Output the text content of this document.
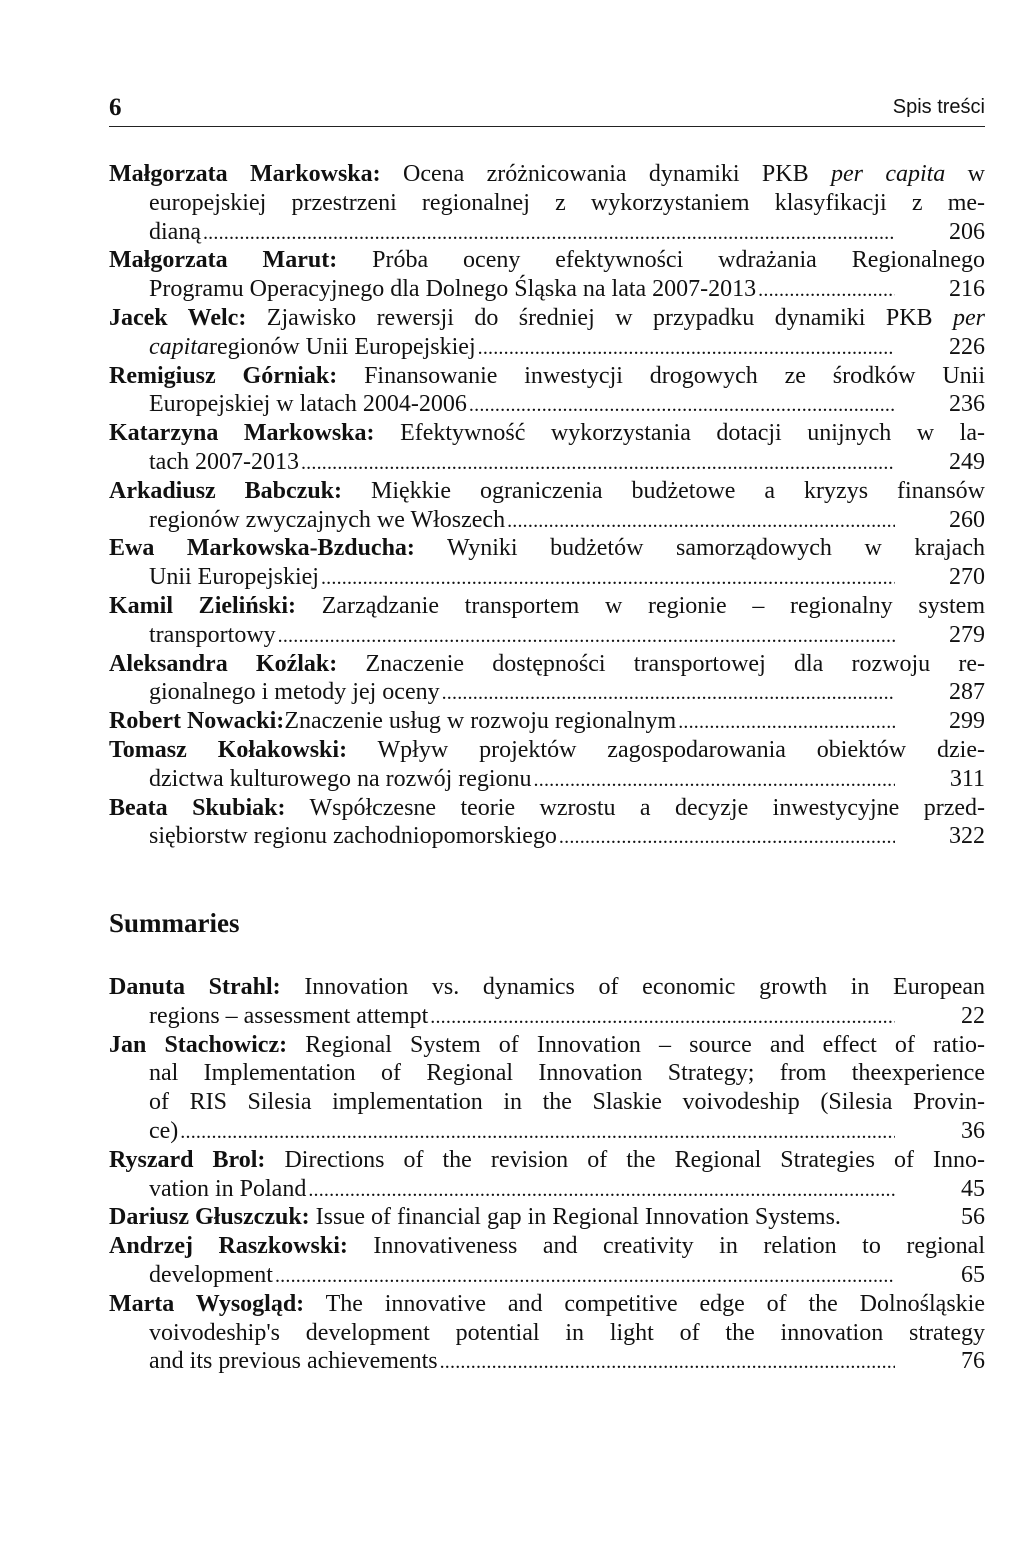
6	Spis treści
Małgorzata Markowska: Ocena zróżnicowania dynamiki PKB per capita w
europejskiej przestrzeni regionalnej z wykorzystaniem klasyfikacji z me-
dianą . . .	206
Małgorzata Marut: Próba oceny efektywności wdrażania Regionalnego
Programu Operacyjnego dla Dolnego Śląska na lata 2007-2013 . . .	216
Jacek Welc: Zjawisko rewersji do średniej w przypadku dynamiki PKB per
capita regionów Unii Europejskiej . . .	226
Remigiusz Górniak: Finansowanie inwestycji drogowych ze środków Unii
Europejskiej w latach 2004-2006 . . .	236
Katarzyna Markowska: Efektywność wykorzystania dotacji unijnych w la-
tach 2007-2013 . . .	249
Arkadiusz Babczuk: Miękkie ograniczenia budżetowe a kryzys finansów
regionów zwyczajnych we Włoszech . . .	260
Ewa Markowska-Bzducha: Wyniki budżetów samorządowych w krajach
Unii Europejskiej . . .	270
Kamil Zieliński: Zarządzanie transportem w regionie – regionalny system
transportowy . . .	279
Aleksandra Koźlak: Znaczenie dostępności transportowej dla rozwoju re-
gionalnego i metody jej oceny . . .	287
Robert Nowacki: Znaczenie usług w rozwoju regionalnym . . .	299
Tomasz Kołakowski: Wpływ projektów zagospodarowania obiektów dzie-
dzictwa kulturowego na rozwój regionu . . .	311
Beata Skubiak: Współczesne teorie wzrostu a decyzje inwestycyjne przed-
siębiorstw regionu zachodniopomorskiego . . .	322
Summaries
Danuta Strahl: Innovation vs. dynamics of economic growth in European
regions – assessment attempt . . .	22
Jan Stachowicz: Regional System of Innovation – source and effect of ratio-
nal Implementation of Regional Innovation Strategy; from theexperience
of RIS Silesia implementation in the Slaskie voivodeship (Silesia Provin-
ce) . . .	36
Ryszard Brol: Directions of the revision of the Regional Strategies of Inno-
vation in Poland . . .	45
Dariusz Głuszczuk: Issue of financial gap in Regional Innovation Systems.	56
Andrzej Raszkowski: Innovativeness and creativity in relation to regional
development . . .	65
Marta Wysogląd: The innovative and competitive edge of the Dolnośląskie
voivodeship's development potential in light of the innovation strategy
and its previous achievements . . .	76
